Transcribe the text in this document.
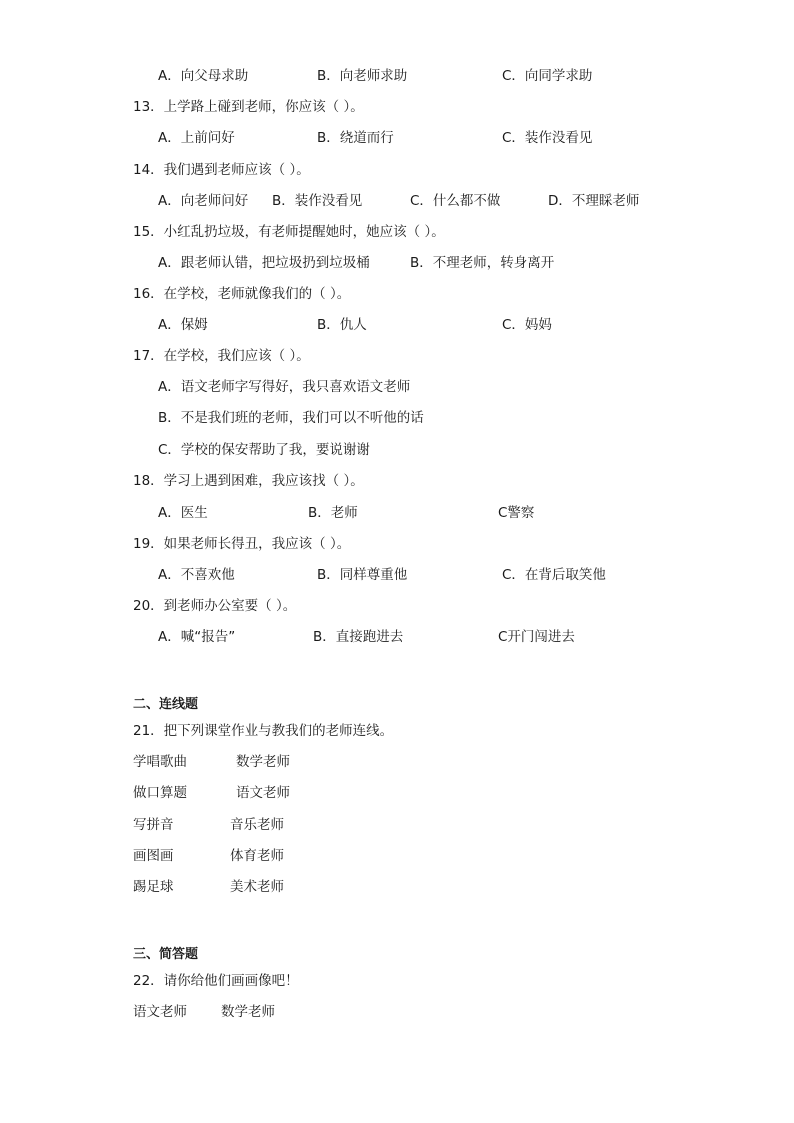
A．向父母求助	B．向老师求助	C．向同学求助
13．上学路上碰到老师，你应该（ ）。
A．上前问好	B．绕道而行	C．装作没看见
14．我们遇到老师应该（ ）。
A．向老师问好 B．装作没看见	C．什么都不做	D．不理睬老师
15．小红乱扔垃圾，有老师提醒她时，她应该（ ）。
A．跟老师认错，把垃圾扔到垃圾桶	B．不理老师，转身离开
16．在学校，老师就像我们的（ ）。
A．保姆	B．仇人	C．妈妈
17．在学校，我们应该（ ）。
A．语文老师字写得好，我只喜欢语文老师
B．不是我们班的老师，我们可以不听他的话
C．学校的保安帮助了我，要说谢谢
18．学习上遇到困难，我应该找（ ）。
A．医生	B．老师	C警察
19．如果老师长得丑，我应该（ ）。
A．不喜欢他	B．同样尊重他	C．在背后取笑他
20．到老师办公室要（ ）。
A．喊“报告”	B．直接跑进去	C开门闯进去
二、连线题
21．把下列课堂作业与教我们的老师连线。
学唱歌曲	数学老师
做口算题	语文老师
写拼音	音乐老师
画图画	体育老师
踢足球	美术老师
三、简答题
22．请你给他们画画像吧！
语文老师	数学老师
